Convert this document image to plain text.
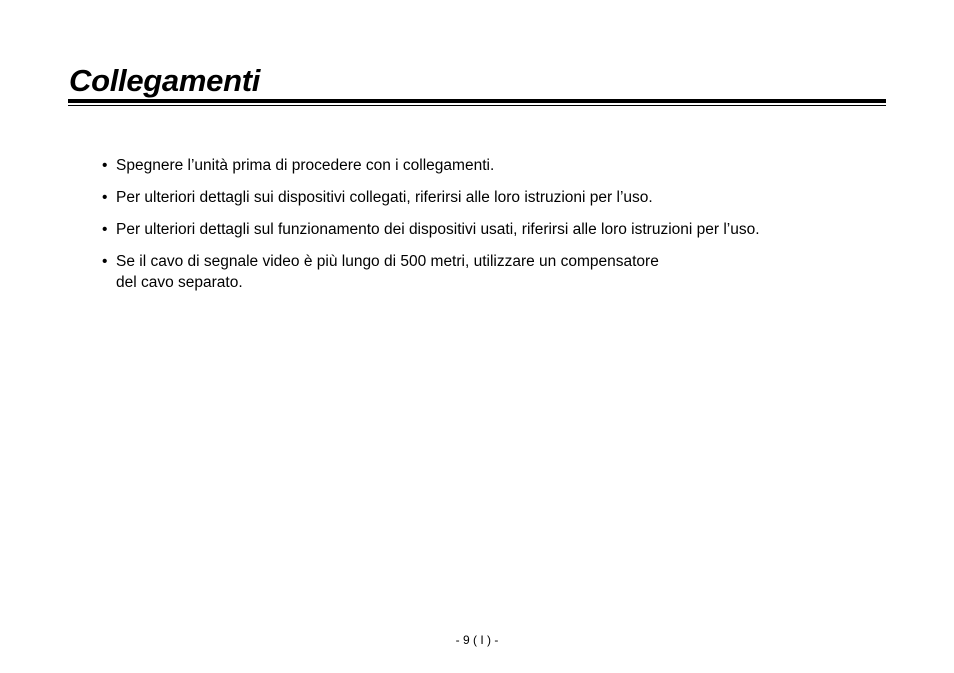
Collegamenti
• Spegnere l’unità prima di procedere con i collegamenti.
• Per ulteriori dettagli sui dispositivi collegati, riferirsi alle loro istruzioni per l’uso.
• Per ulteriori dettagli sul funzionamento dei dispositivi usati, riferirsi alle loro istruzioni per l’uso.
• Se il cavo di segnale video è più lungo di 500 metri, utilizzare un compensatore
del cavo separato.
- 9 ( I ) -
